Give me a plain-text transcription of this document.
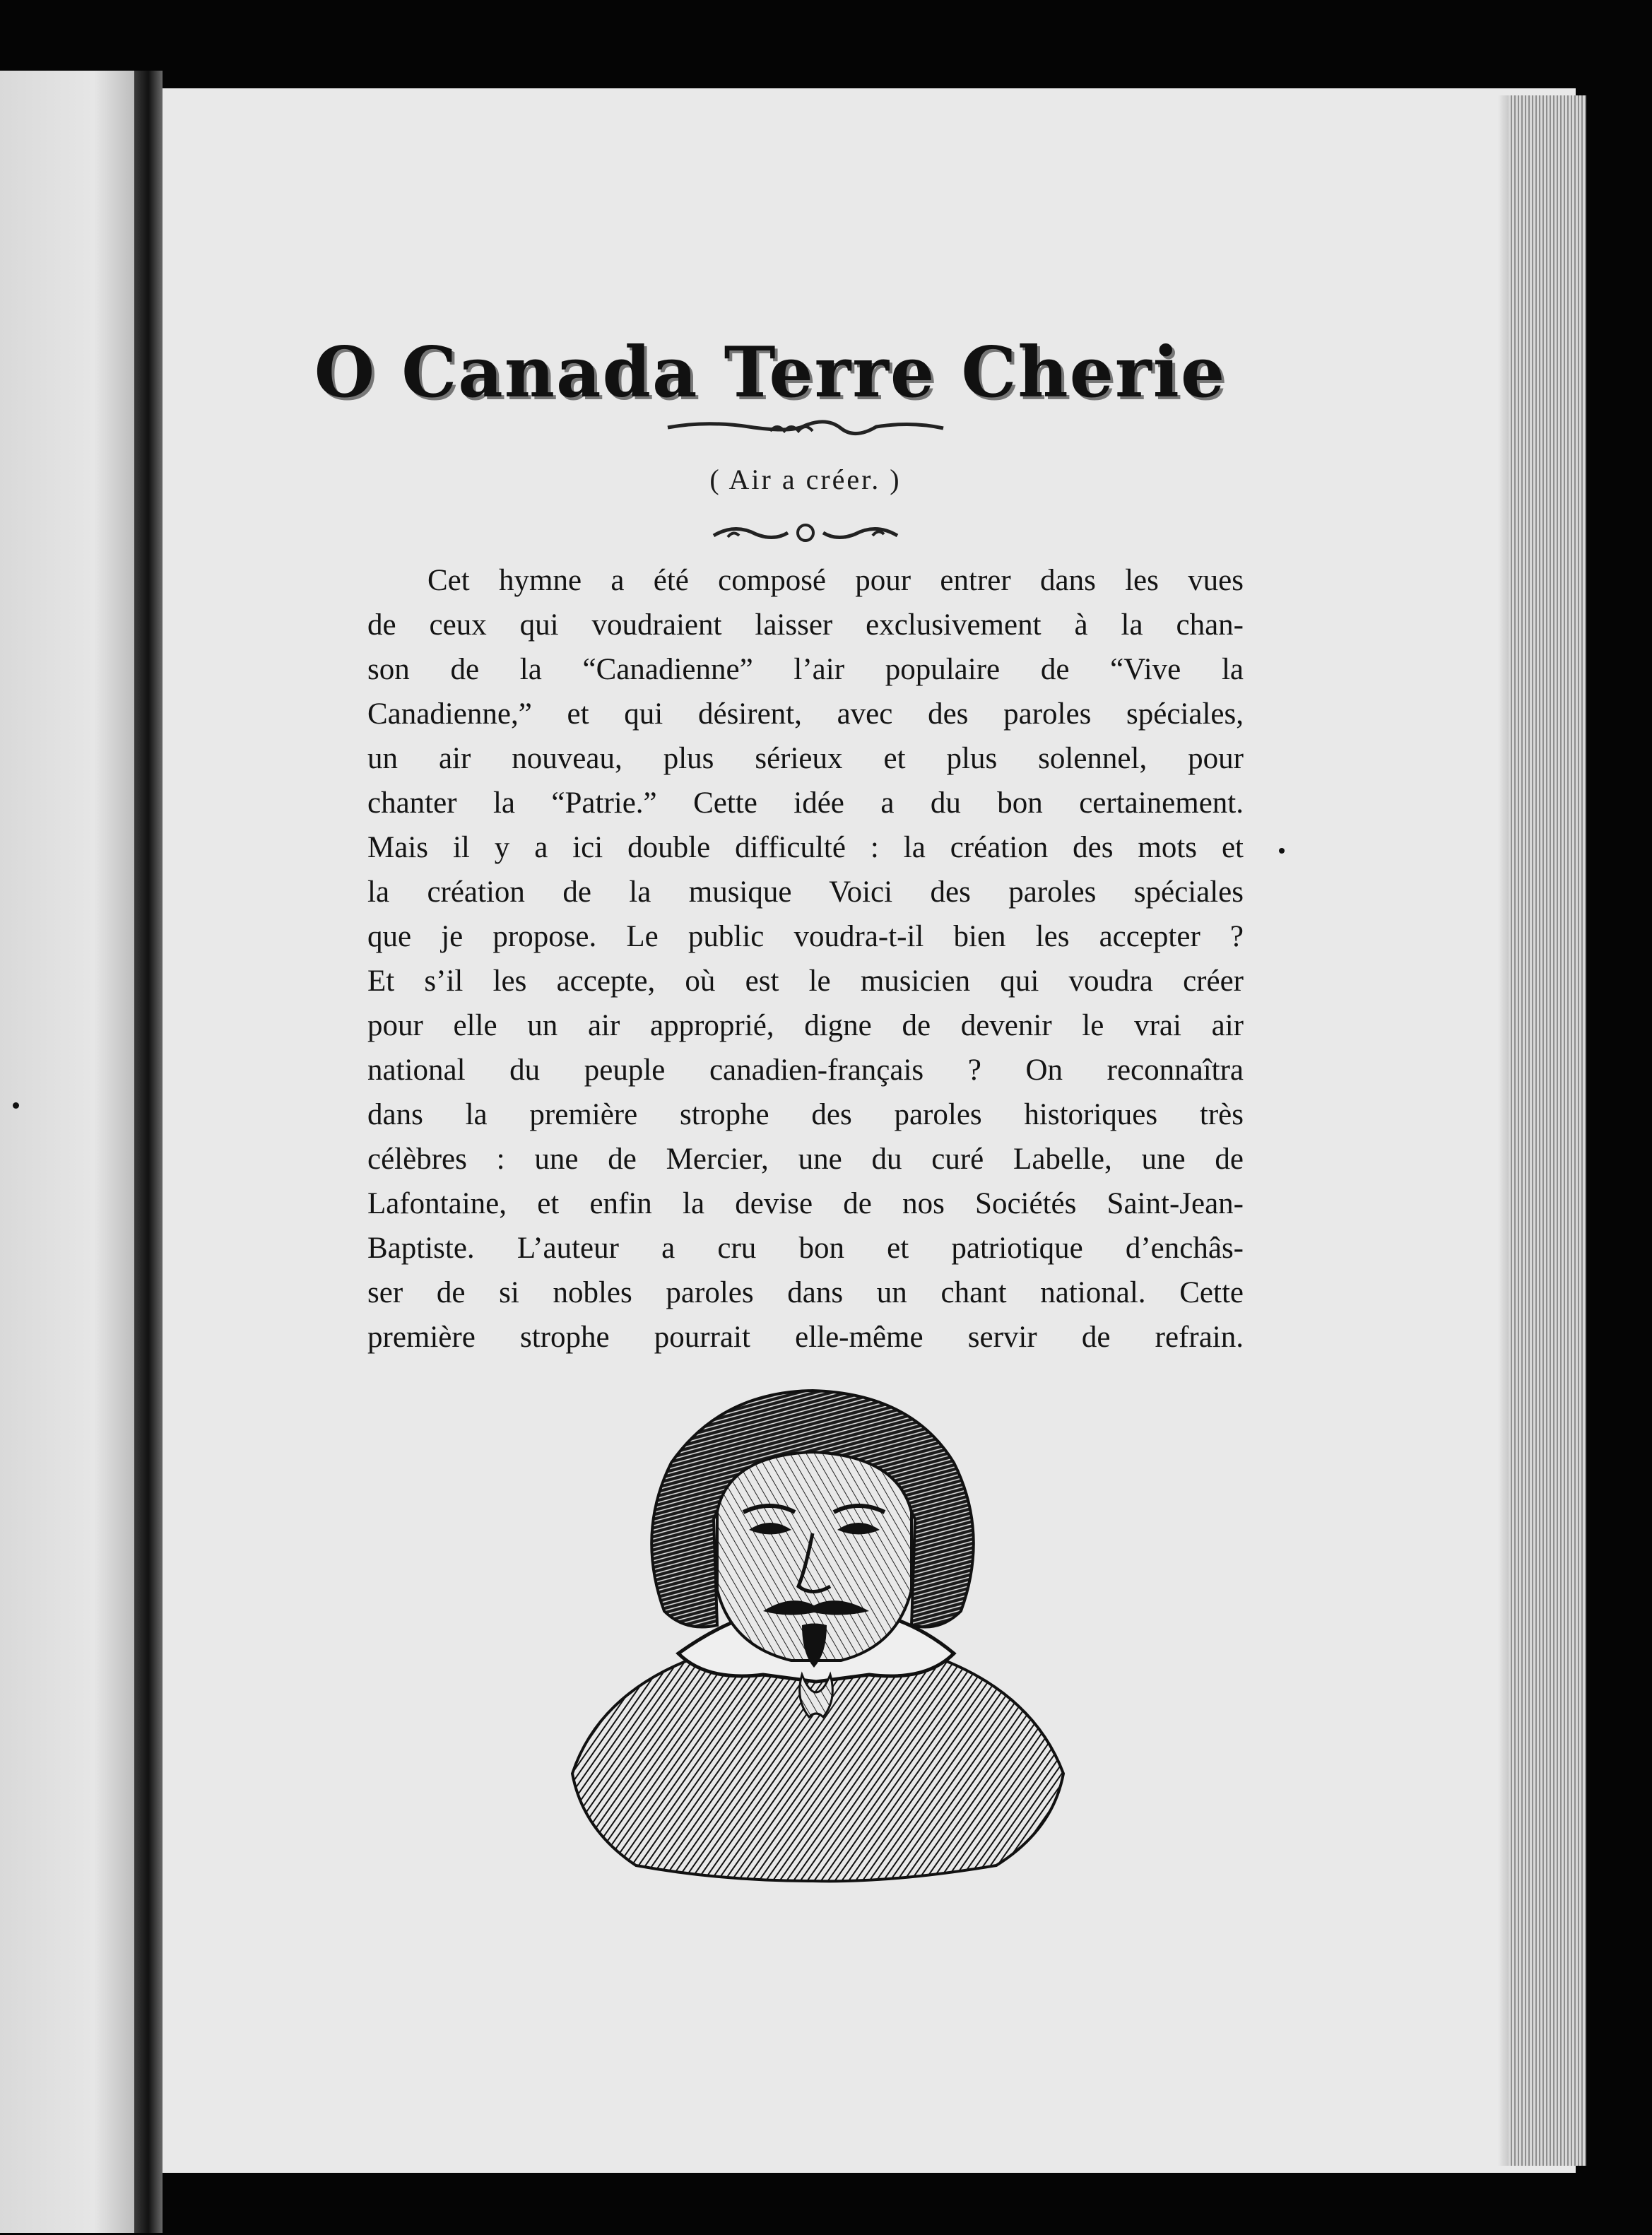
O Canada Terre Cherie
( Air a créer. )
Cet hymne a été composé pour entrer dans les vues
de ceux qui voudraient laisser exclusivement à la chan-
son de la “Canadienne” l’air populaire de “Vive la
Canadienne,” et qui désirent, avec des paroles spéciales,
un air nouveau, plus sérieux et plus solennel, pour
chanter la “Patrie.” Cette idée a du bon certainement.
Mais il y a ici double difficulté : la création des mots et
la création de la musique Voici des paroles spéciales
que je propose. Le public voudra-t-il bien les accepter ?
Et s’il les accepte, où est le musicien qui voudra créer
pour elle un air approprié, digne de devenir le vrai air
national du peuple canadien-français ? On reconnaîtra
dans la première strophe des paroles historiques très
célèbres : une de Mercier, une du curé Labelle, une de
Lafontaine, et enfin la devise de nos Sociétés Saint-Jean-
Baptiste. L’auteur a cru bon et patriotique d’enchâs-
ser de si nobles paroles dans un chant national. Cette
première strophe pourrait elle-même servir de refrain.
